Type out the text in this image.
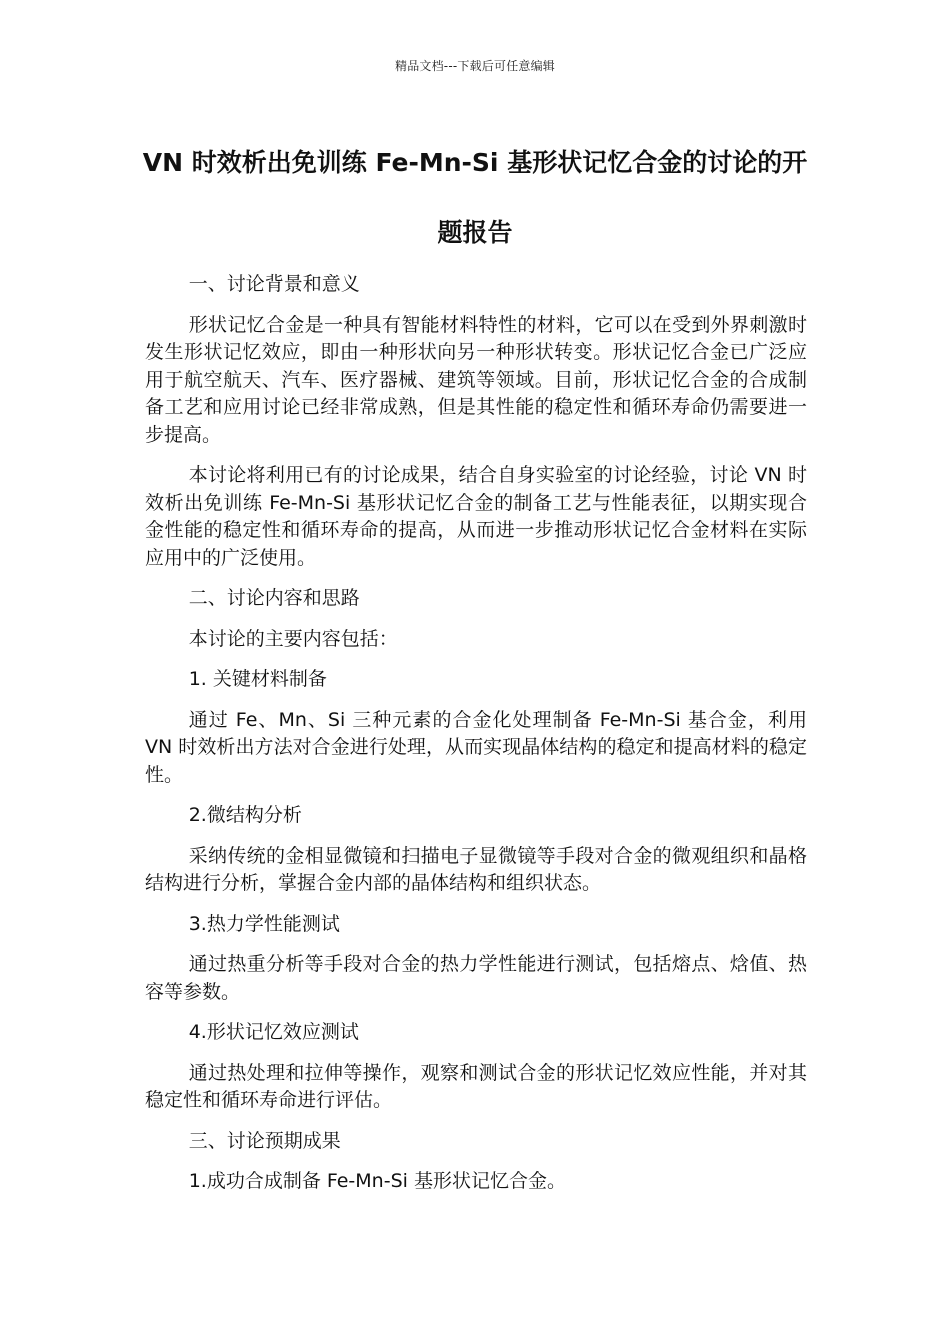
精品文档---下载后可任意编辑
VN 时效析出免训练 Fe-Mn-Si 基形状记忆合金的讨论的开题报告

一、讨论背景和意义

形状记忆合金是一种具有智能材料特性的材料，它可以在受到外界刺激时发生形状记忆效应，即由一种形状向另一种形状转变。形状记忆合金已广泛应用于航空航天、汽车、医疗器械、建筑等领域。目前，形状记忆合金的合成制备工艺和应用讨论已经非常成熟，但是其性能的稳定性和循环寿命仍需要进一步提高。

本讨论将利用已有的讨论成果，结合自身实验室的讨论经验，讨论 VN 时效析出免训练 Fe-Mn-Si 基形状记忆合金的制备工艺与性能表征，以期实现合金性能的稳定性和循环寿命的提高，从而进一步推动形状记忆合金材料在实际应用中的广泛使用。

二、讨论内容和思路

本讨论的主要内容包括：

1. 关键材料制备

通过 Fe、Mn、Si 三种元素的合金化处理制备 Fe-Mn-Si 基合金，利用 VN 时效析出方法对合金进行处理，从而实现晶体结构的稳定和提高材料的稳定性。

2.微结构分析

采纳传统的金相显微镜和扫描电子显微镜等手段对合金的微观组织和晶格结构进行分析，掌握合金内部的晶体结构和组织状态。

3.热力学性能测试

通过热重分析等手段对合金的热力学性能进行测试，包括熔点、焓值、热容等参数。

4.形状记忆效应测试

通过热处理和拉伸等操作，观察和测试合金的形状记忆效应性能，并对其稳定性和循环寿命进行评估。

三、讨论预期成果

1.成功合成制备 Fe-Mn-Si 基形状记忆合金。
